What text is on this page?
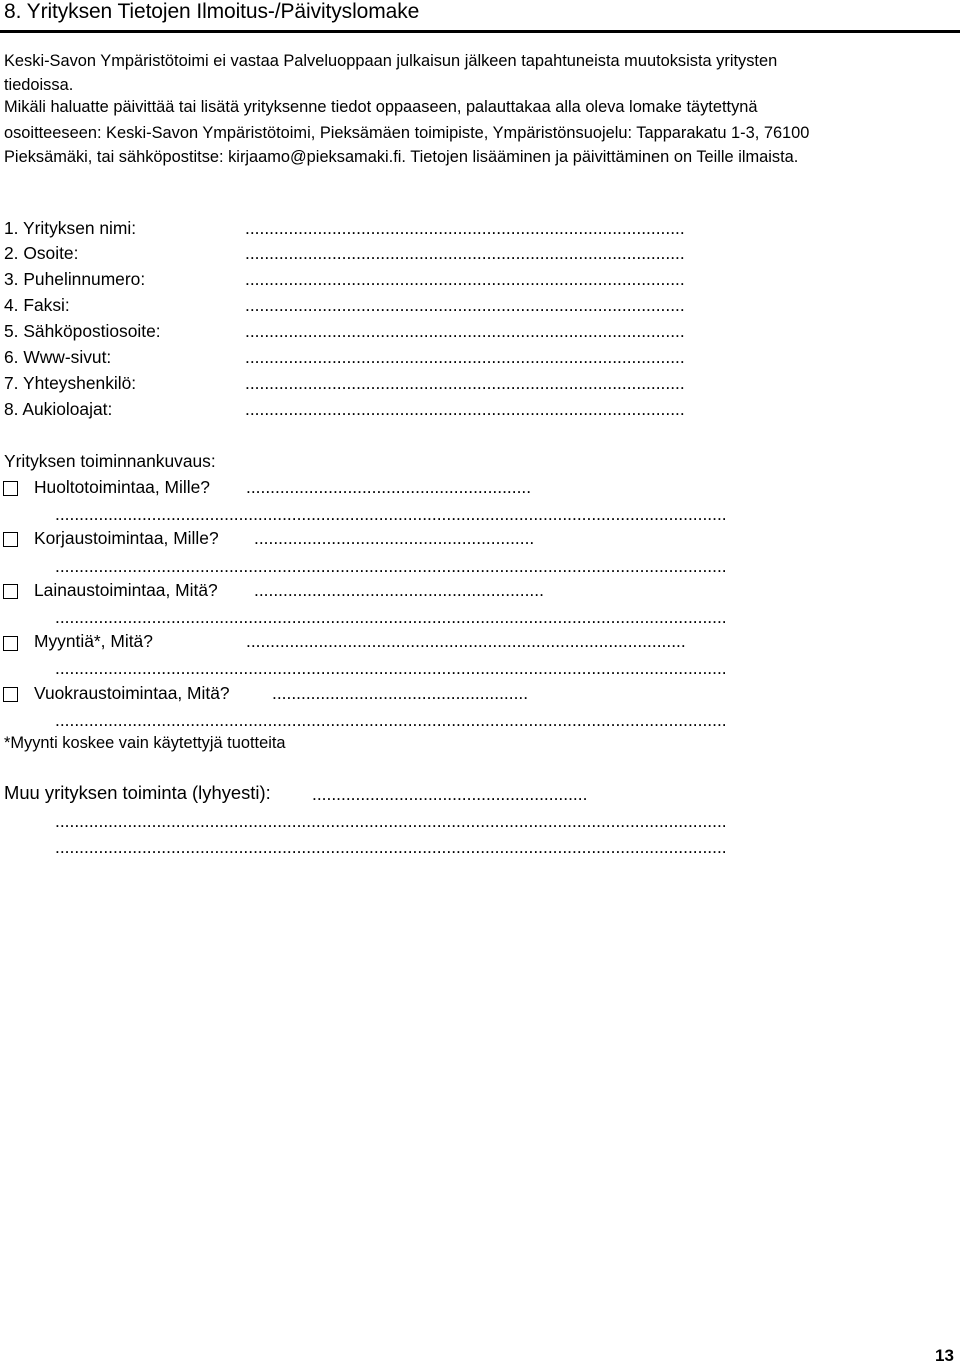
8. Yrityksen Tietojen Ilmoitus-/Päivityslomake
Keski-Savon Ympäristötoimi ei vastaa Palveluoppaan julkaisun jälkeen tapahtuneista muutoksista yritysten
tiedoissa.
Mikäli haluatte päivittää tai lisätä yrityksenne tiedot oppaaseen, palauttakaa alla oleva lomake täytettynä
osoitteeseen: Keski-Savon Ympäristötoimi, Pieksämäen toimipiste, Ympäristönsuojelu: Tapparakatu 1-3, 76100
Pieksämäki, tai sähköpostitse: kirjaamo@pieksamaki.fi. Tietojen lisääminen ja päivittäminen on Teille ilmaista.
1. Yrityksen nimi:	...........................................................................................
2. Osoite:	...........................................................................................
3. Puhelinnumero:	...........................................................................................
4. Faksi:	...........................................................................................
5. Sähköpostiosoite:	...........................................................................................
6. Www-sivut:	...........................................................................................
7. Yhteyshenkilö:	...........................................................................................
8. Aukioloajat:	...........................................................................................
Yrityksen toiminnankuvaus:
Huoltotoimintaa, Mille? ...........................................................
...........................................................................................................................................
Korjaustoimintaa, Mille? ..........................................................
...........................................................................................................................................
Lainaustoimintaa, Mitä? ............................................................
...........................................................................................................................................
Myyntiä*, Mitä?	...........................................................................................
...........................................................................................................................................
Vuokraustoimintaa, Mitä? .....................................................
...........................................................................................................................................
*Myynti koskee vain käytettyjä tuotteita
Muu yrityksen toiminta (lyhyesti): .........................................................
...........................................................................................................................................
...........................................................................................................................................
13
